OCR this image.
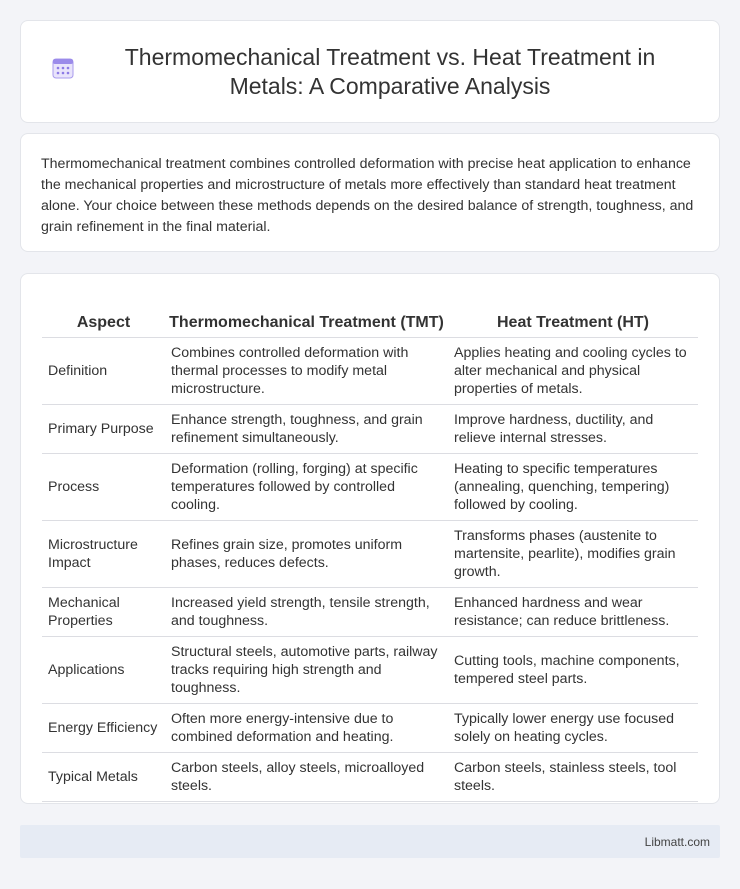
Thermomechanical Treatment vs. Heat Treatment in Metals: A Comparative Analysis

Thermomechanical treatment combines controlled deformation with precise heat application to enhance the mechanical properties and microstructure of metals more effectively than standard heat treatment alone. Your choice between these methods depends on the desired balance of strength, toughness, and grain refinement in the final material.

Aspect	Thermomechanical Treatment (TMT)	Heat Treatment (HT)
Definition	Combines controlled deformation with thermal processes to modify metal microstructure.	Applies heating and cooling cycles to alter mechanical and physical properties of metals.
Primary Purpose	Enhance strength, toughness, and grain refinement simultaneously.	Improve hardness, ductility, and relieve internal stresses.
Process	Deformation (rolling, forging) at specific temperatures followed by controlled cooling.	Heating to specific temperatures (annealing, quenching, tempering) followed by cooling.
Microstructure Impact	Refines grain size, promotes uniform phases, reduces defects.	Transforms phases (austenite to martensite, pearlite), modifies grain growth.
Mechanical Properties	Increased yield strength, tensile strength, and toughness.	Enhanced hardness and wear resistance; can reduce brittleness.
Applications	Structural steels, automotive parts, railway tracks requiring high strength and toughness.	Cutting tools, machine components, tempered steel parts.
Energy Efficiency	Often more energy-intensive due to combined deformation and heating.	Typically lower energy use focused solely on heating cycles.
Typical Metals	Carbon steels, alloy steels, microalloyed steels.	Carbon steels, stainless steels, tool steels.
Libmatt.com
